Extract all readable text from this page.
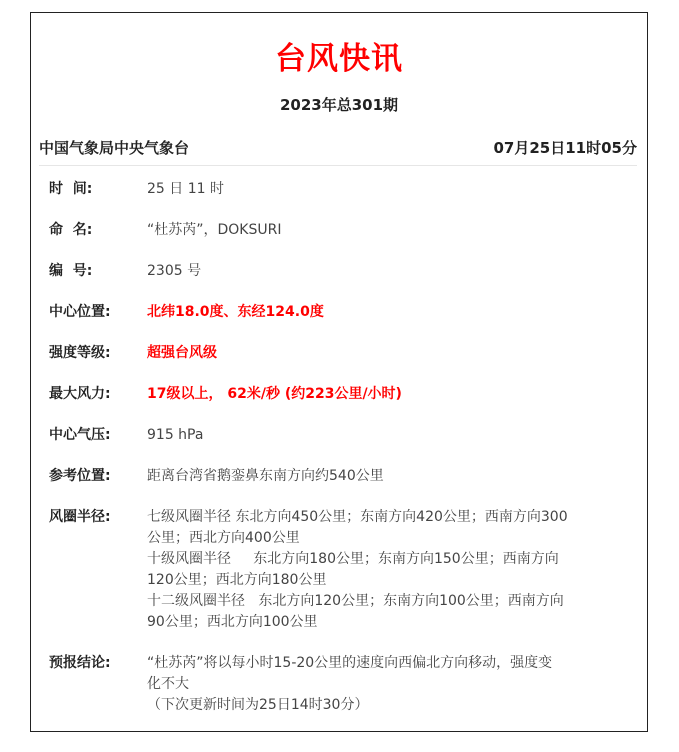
台风快讯
2023年总301期
中国气象局中央气象台	07月25日11时05分
时  间:	25 日 11 时
命  名:	“杜苏芮”，DOKSURI
编  号:	2305 号
中心位置:	北纬18.0度、东经124.0度
强度等级:	超强台风级
最大风力:	17级以上， 62米/秒 (约223公里/小时)
中心气压:	915 hPa
参考位置:	距离台湾省鹅銮鼻东南方向约540公里
风圈半径:	七级风圈半径 东北方向450公里；东南方向420公里；西南方向300
公里；西北方向400公里
十级风圈半径     东北方向180公里；东南方向150公里；西南方向
120公里；西北方向180公里
十二级风圈半径   东北方向120公里；东南方向100公里；西南方向
90公里；西北方向100公里
预报结论:	“杜苏芮”将以每小时15-20公里的速度向西偏北方向移动，强度变
化不大
（下次更新时间为25日14时30分）
